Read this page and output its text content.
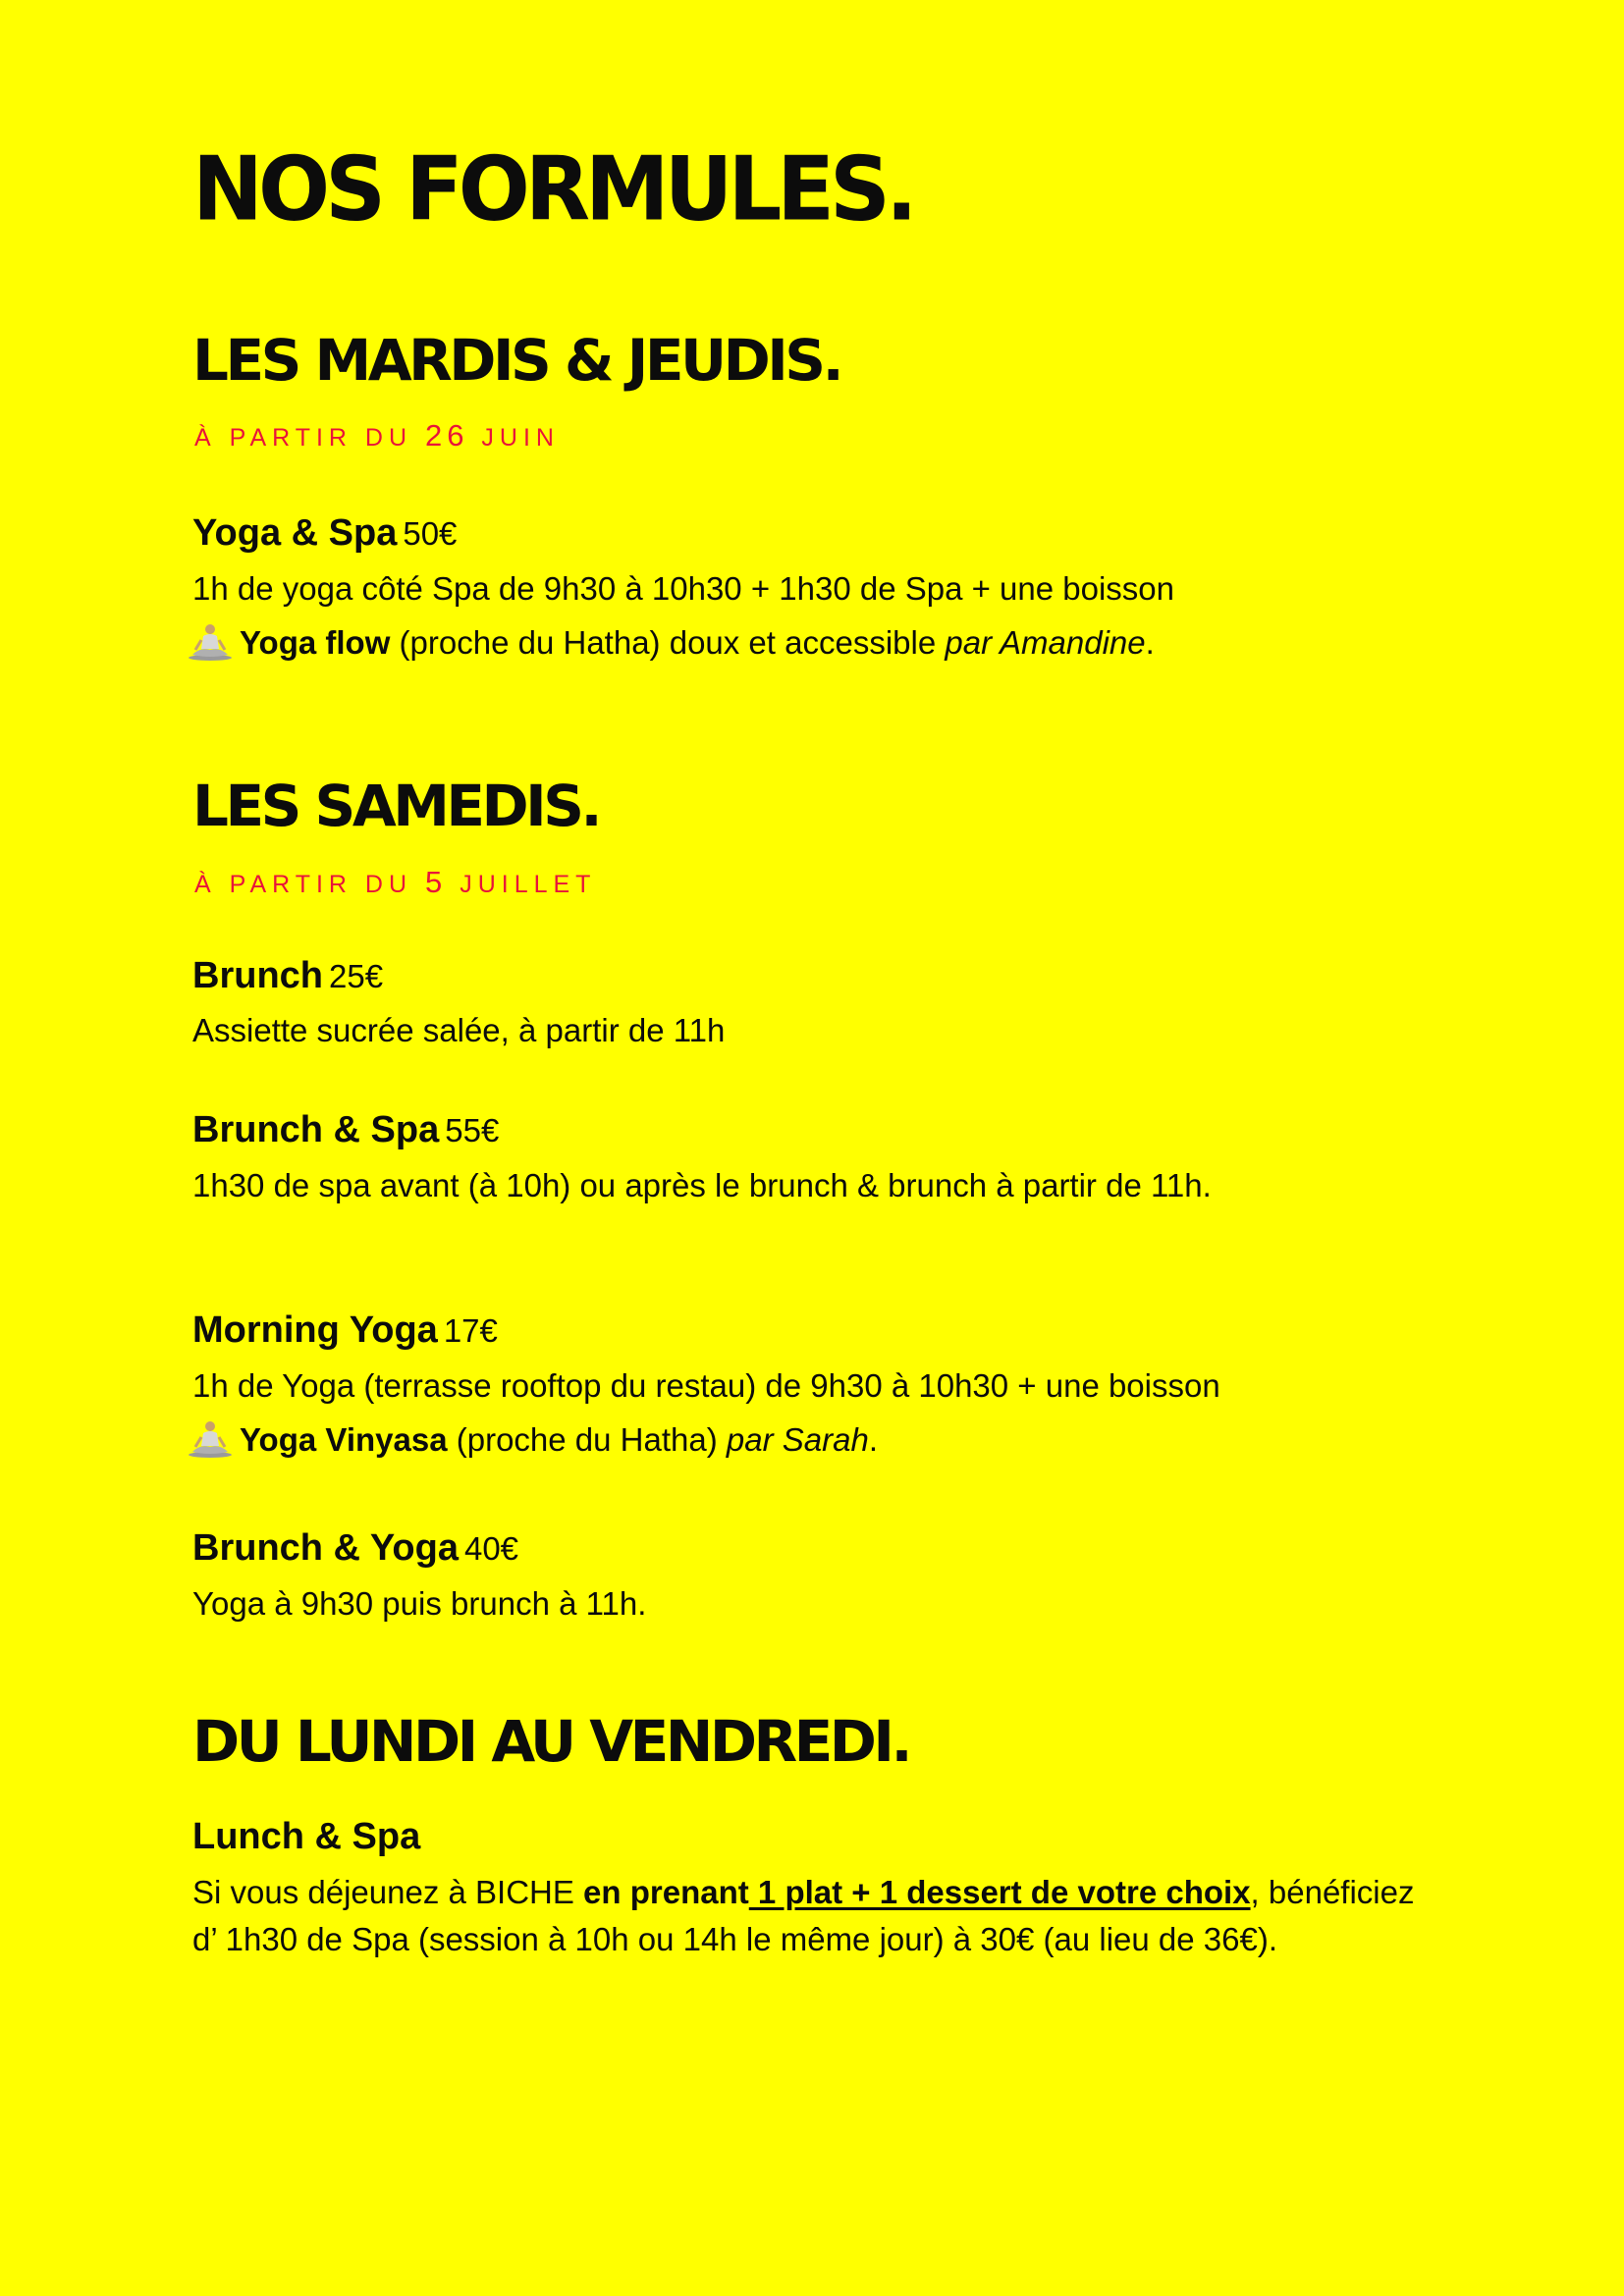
NOS FORMULES.
LES MARDIS & JEUDIS.
À PARTIR DU 26 JUIN
Yoga & Spa 50€
1h de yoga côté Spa de 9h30 à 10h30 + 1h30 de Spa + une boisson
Yoga flow (proche du Hatha) doux et accessible par Amandine.
LES SAMEDIS.
À PARTIR DU 5 JUILLET
Brunch 25€
Assiette sucrée salée, à partir de 11h
Brunch & Spa 55€
1h30 de spa avant (à 10h) ou après le brunch & brunch à partir de 11h.
Morning Yoga 17€
1h de Yoga (terrasse rooftop du restau) de 9h30 à 10h30 + une boisson
Yoga Vinyasa (proche du Hatha) par Sarah.
Brunch & Yoga 40€
Yoga à 9h30 puis brunch à 11h.
DU LUNDI AU VENDREDI.
Lunch & Spa
Si vous déjeunez à BICHE en prenant 1 plat + 1 dessert de votre choix, bénéficiez d’ 1h30 de Spa (session à 10h ou 14h le même jour) à 30€ (au lieu de 36€).
